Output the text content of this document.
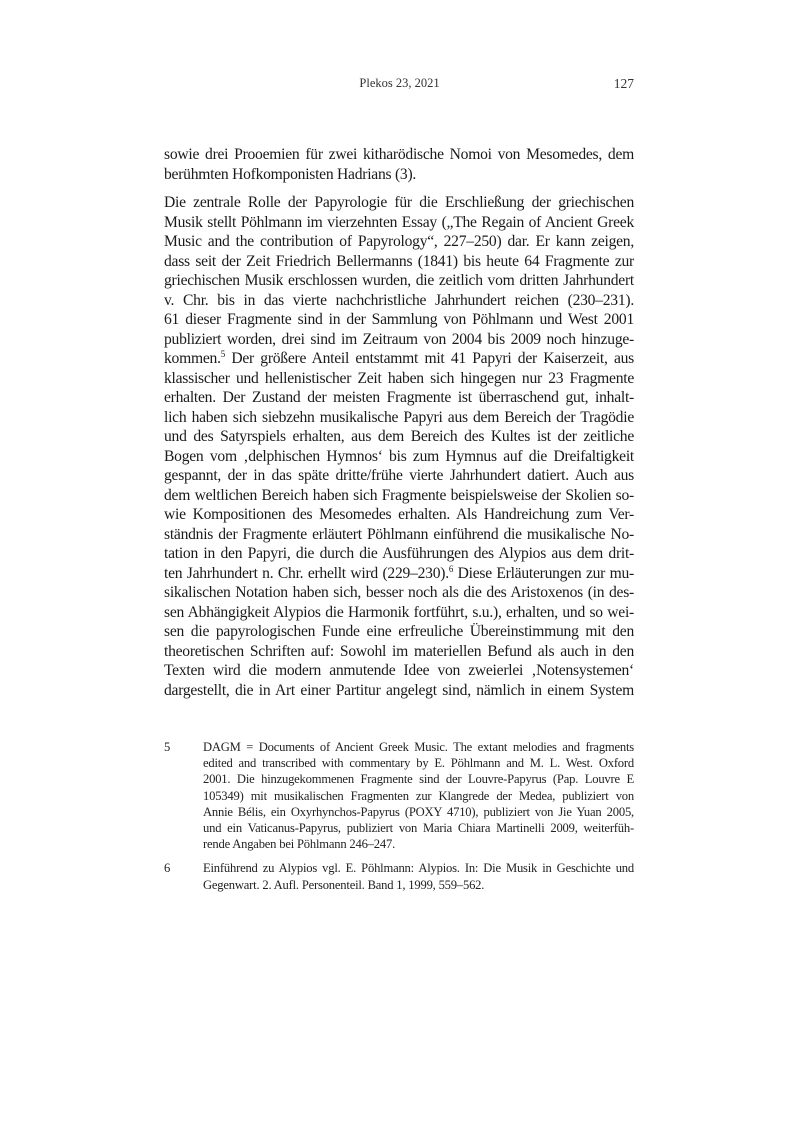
Plekos 23, 2021	127
sowie drei Prooemien für zwei kitharödische Nomoi von Mesomedes, dem
berühmten Hofkomponisten Hadrians (3).
Die zentrale Rolle der Papyrologie für die Erschließung der griechischen
Musik stellt Pöhlmann im vierzehnten Essay („The Regain of Ancient Greek
Music and the contribution of Papyrology“, 227–250) dar. Er kann zeigen,
dass seit der Zeit Friedrich Bellermanns (1841) bis heute 64 Fragmente zur
griechischen Musik erschlossen wurden, die zeitlich vom dritten Jahrhundert
v. Chr. bis in das vierte nachchristliche Jahrhundert reichen (230–231).
61 dieser Fragmente sind in der Sammlung von Pöhlmann und West 2001
publiziert worden, drei sind im Zeitraum von 2004 bis 2009 noch hinzuge-
kommen.$^5$ Der größere Anteil entstammt mit 41 Papyri der Kaiserzeit, aus
klassischer und hellenistischer Zeit haben sich hingegen nur 23 Fragmente
erhalten. Der Zustand der meisten Fragmente ist überraschend gut, inhalt-
lich haben sich siebzehn musikalische Papyri aus dem Bereich der Tragödie
und des Satyrspiels erhalten, aus dem Bereich des Kultes ist der zeitliche
Bogen vom ‚delphischen Hymnos‘ bis zum Hymnus auf die Dreifaltigkeit
gespannt, der in das späte dritte/frühe vierte Jahrhundert datiert. Auch aus
dem weltlichen Bereich haben sich Fragmente beispielsweise der Skolien so-
wie Kompositionen des Mesomedes erhalten. Als Handreichung zum Ver-
ständnis der Fragmente erläutert Pöhlmann einführend die musikalische No-
tation in den Papyri, die durch die Ausführungen des Alypios aus dem drit-
ten Jahrhundert n. Chr. erhellt wird (229–230).$^6$ Diese Erläuterungen zur mu-
sikalischen Notation haben sich, besser noch als die des Aristoxenos (in des-
sen Abhängigkeit Alypios die Harmonik fortführt, s.u.), erhalten, und so wei-
sen die papyrologischen Funde eine erfreuliche Übereinstimmung mit den
theoretischen Schriften auf: Sowohl im materiellen Befund als auch in den
Texten wird die modern anmutende Idee von zweierlei ‚Notensystemen‘
dargestellt, die in Art einer Partitur angelegt sind, nämlich in einem System
5	DAGM = Documents of Ancient Greek Music. The extant melodies and fragments
edited and transcribed with commentary by E. Pöhlmann and M. L. West. Oxford
2001. Die hinzugekommenen Fragmente sind der Louvre-Papyrus (Pap. Louvre E
105349) mit musikalischen Fragmenten zur Klangrede der Medea, publiziert von
Annie Bélis, ein Oxyrhynchos-Papyrus (POXY 4710), publiziert von Jie Yuan 2005,
und ein Vaticanus-Papyrus, publiziert von Maria Chiara Martinelli 2009, weiterfüh-
rende Angaben bei Pöhlmann 246–247.
6	Einführend zu Alypios vgl. E. Pöhlmann: Alypios. In: Die Musik in Geschichte und
Gegenwart. 2. Aufl. Personenteil. Band 1, 1999, 559–562.
